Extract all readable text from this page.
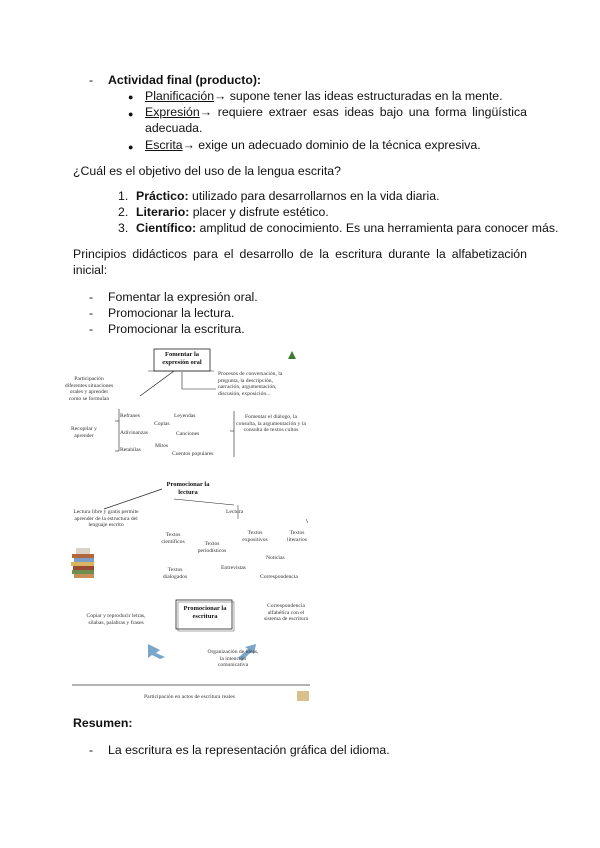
- Actividad final (producto):
● Planificación→ supone tener las ideas estructuradas en la mente.
● Expresión→ requiere extraer esas ideas bajo una forma lingüística adecuada.
● Escrita→ exige un adecuado dominio de la técnica expresiva.
¿Cuál es el objetivo del uso de la lengua escrita?
1. Práctico: utilizado para desarrollarnos en la vida diaria.
2. Literario: placer y disfrute estético.
3. Científico: amplitud de conocimiento. Es una herramienta para conocer más.
Principios didácticos para el desarrollo de la escritura durante la alfabetización inicial:
- Fomentar la expresión oral.
- Promocionar la lectura.
- Promocionar la escritura.
Fomentar la expresión oral
Participación diferentes situaciones orales y aprender como se formulan
Procesos de conversación, la pregunta, la descripción, narración, argumentación, discusión, exposición...
Recopilar y aprender
Refranes	Leyendas
Coplas
Adivinanzas	Canciones
Retahílas
Mitos
Cuentos populares
Fomentar el diálogo, la consulta, la argumentación y la consulta de textos cultos
Promocionar la lectura
Lectura libre y gratis permite aprender de la estructura del lenguaje escrito
Lectura
Textos científicos
Textos expositivos
Textos literarios
Textos periodísticos
Noticias
Entrevistas
Textos dialogados	Correspondencia
Promocionar la escritura
Copiar y reproducir letras, sílabas, palabras y frases
Correspondencia alfabética con el sistema de escritura
Organización de ideas, la intención comunicativa
Participación en actos de escritura reales
Resumen:
- La escritura es la representación gráfica del idioma.
